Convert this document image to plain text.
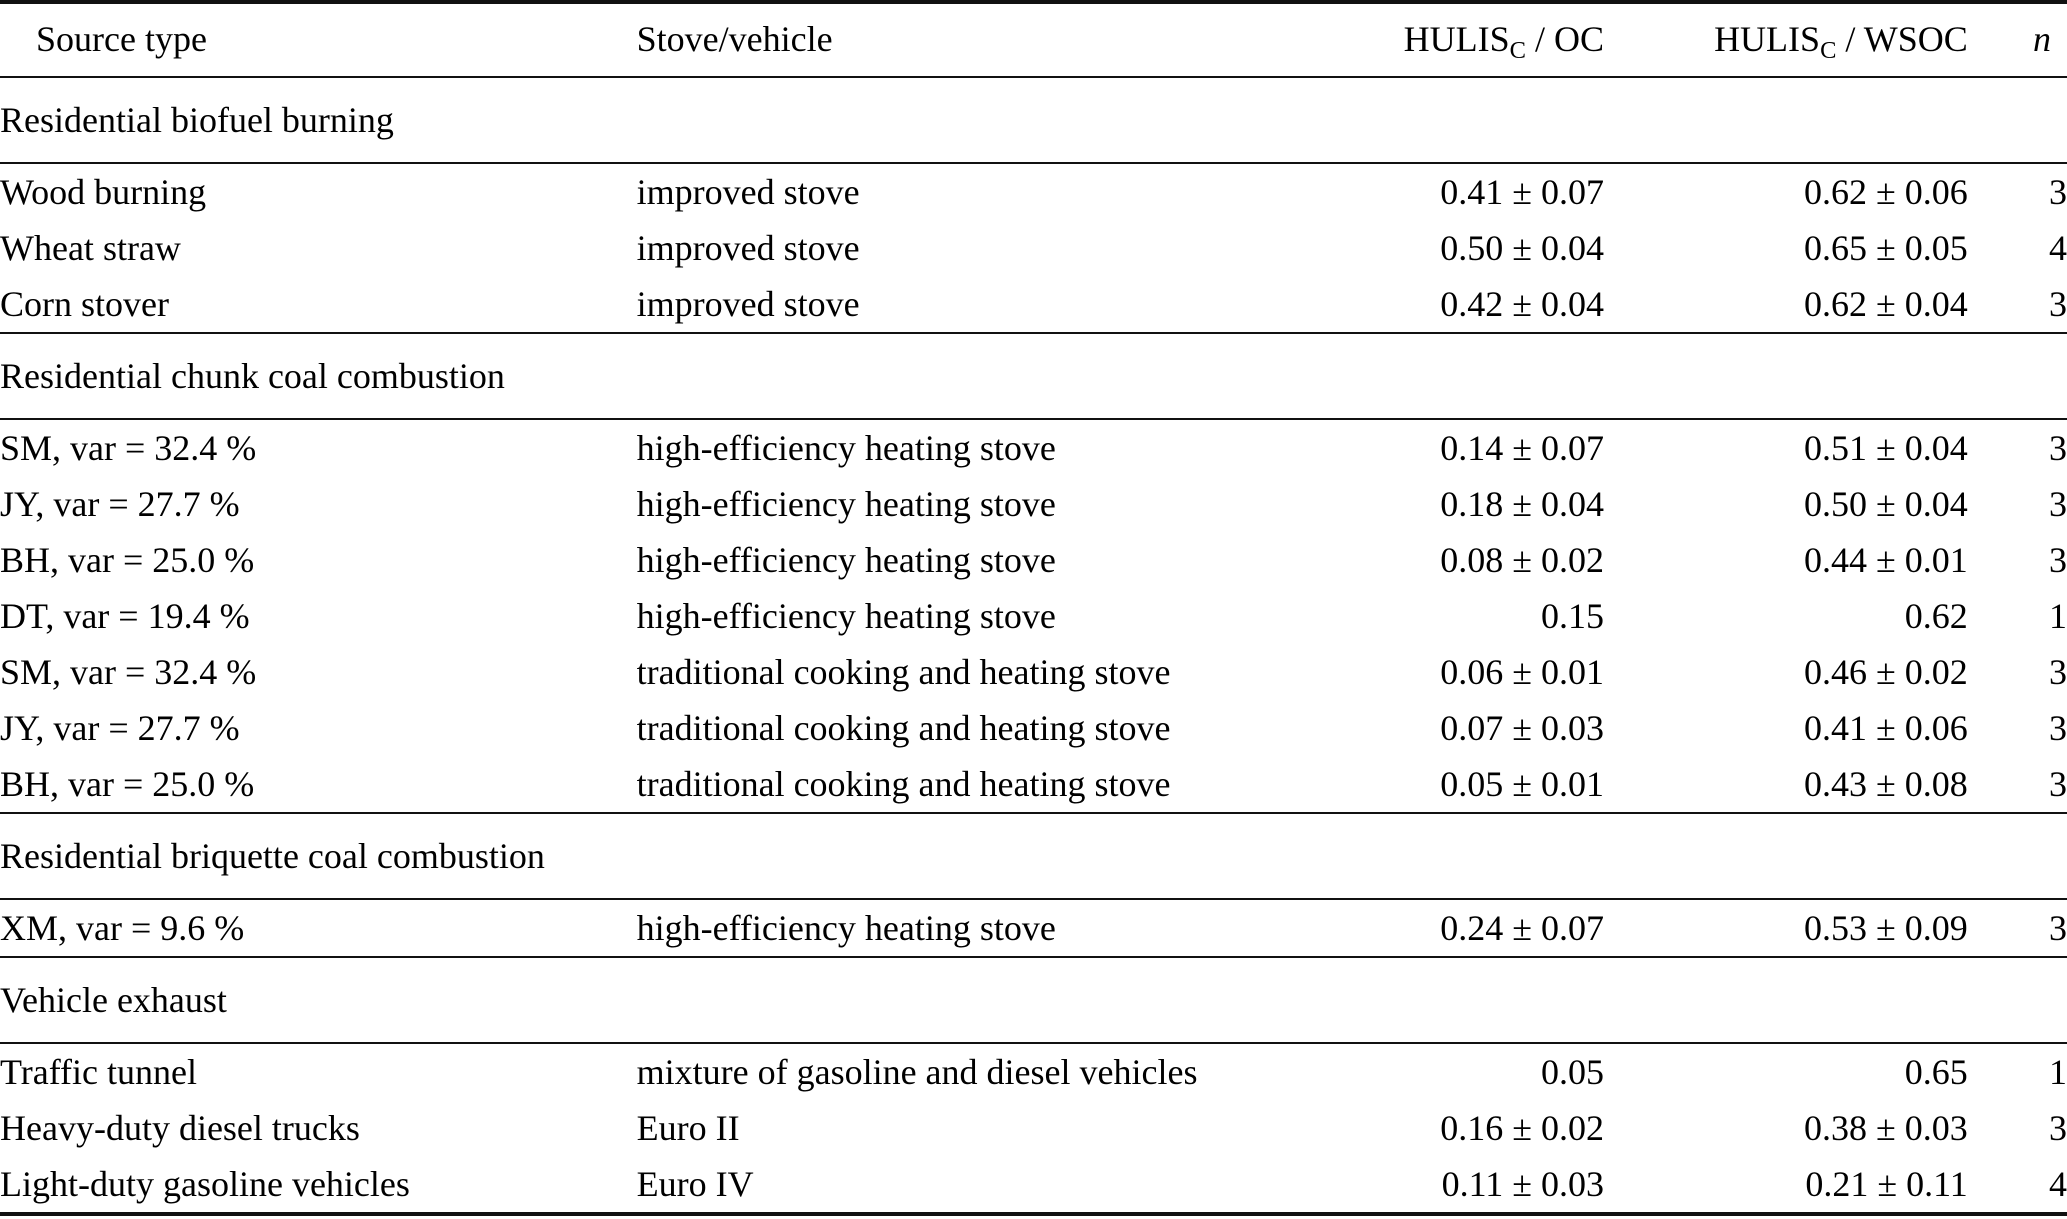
Source type	Stove/vehicle	$HULIS_C$ / OC	$HULIS_C$ / WSOC	n
Residential biofuel burning				
Wood burning	improved stove	0.41 ± 0.07	0.62 ± 0.06	3
Wheat straw	improved stove	0.50 ± 0.04	0.65 ± 0.05	4
Corn stover	improved stove	0.42 ± 0.04	0.62 ± 0.04	3
Residential chunk coal combustion				
SM, var = 32.4 %	high-efficiency heating stove	0.14 ± 0.07	0.51 ± 0.04	3
JY, var = 27.7 %	high-efficiency heating stove	0.18 ± 0.04	0.50 ± 0.04	3
BH, var = 25.0 %	high-efficiency heating stove	0.08 ± 0.02	0.44 ± 0.01	3
DT, var = 19.4 %	high-efficiency heating stove	0.15	0.62	1
SM, var = 32.4 %	traditional cooking and heating stove	0.06 ± 0.01	0.46 ± 0.02	3
JY, var = 27.7 %	traditional cooking and heating stove	0.07 ± 0.03	0.41 ± 0.06	3
BH, var = 25.0 %	traditional cooking and heating stove	0.05 ± 0.01	0.43 ± 0.08	3
Residential briquette coal combustion				
XM, var = 9.6 %	high-efficiency heating stove	0.24 ± 0.07	0.53 ± 0.09	3
Vehicle exhaust				
Traffic tunnel	mixture of gasoline and diesel vehicles	0.05	0.65	1
Heavy-duty diesel trucks	Euro II	0.16 ± 0.02	0.38 ± 0.03	3
Light-duty gasoline vehicles	Euro IV	0.11 ± 0.03	0.21 ± 0.11	4
